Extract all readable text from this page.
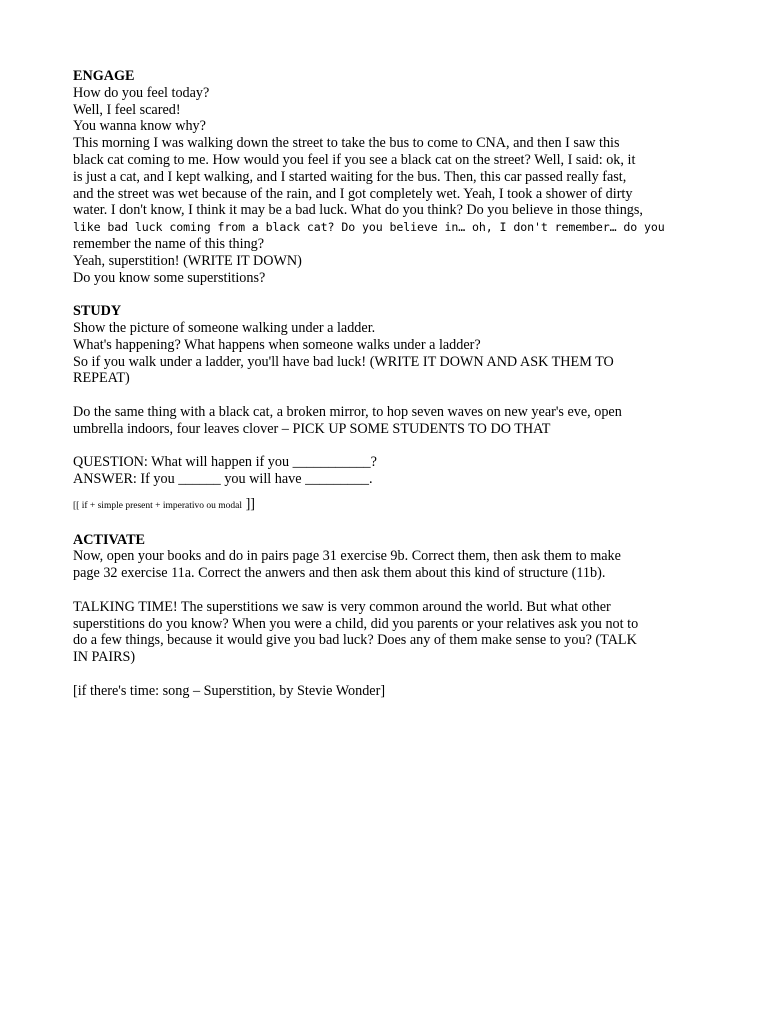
ENGAGE

How do you feel today?

Well, I feel scared!

You wanna know why?

This morning I was walking down the street to take the bus to come to CNA, and then I saw this

black cat coming to me. How would you feel if you see a black cat on the street? Well, I said: ok, it

is just a cat, and I kept walking, and I started waiting for the bus. Then, this car passed really fast,

and the street was wet because of the rain, and I got completely wet. Yeah, I took a shower of dirty

water. I don't know, I think it may be a bad luck. What do you think? Do you believe in those things,

like bad luck coming from a black cat? Do you believe in… oh, I don't remember… do you

remember the name of this thing?

Yeah, superstition! (WRITE IT DOWN)

Do you know some superstitions?

STUDY

Show the picture of someone walking under a ladder.

What's happening? What happens when someone walks under a ladder?

So if you walk under a ladder, you'll have bad luck! (WRITE IT DOWN AND ASK THEM TO

REPEAT)

Do the same thing with a black cat, a broken mirror, to hop seven waves on new year's eve, open

umbrella indoors, four leaves clover – PICK UP SOME STUDENTS TO DO THAT

QUESTION: What will happen if you ___________?

ANSWER: If you ______ you will have _________.

[[ if + simple present + imperativo ou modal ]]

ACTIVATE

Now, open your books and do in pairs page 31 exercise 9b. Correct them, then ask them to make

page 32 exercise 11a. Correct the anwers and then ask them about this kind of structure (11b).

TALKING TIME! The superstitions we saw is very common around the world. But what other

superstitions do you know? When you were a child, did you parents or your relatives ask you not to

do a few things, because it would give you bad luck? Does any of them make sense to you? (TALK

IN PAIRS)

[if there's time: song – Superstition, by Stevie Wonder]
